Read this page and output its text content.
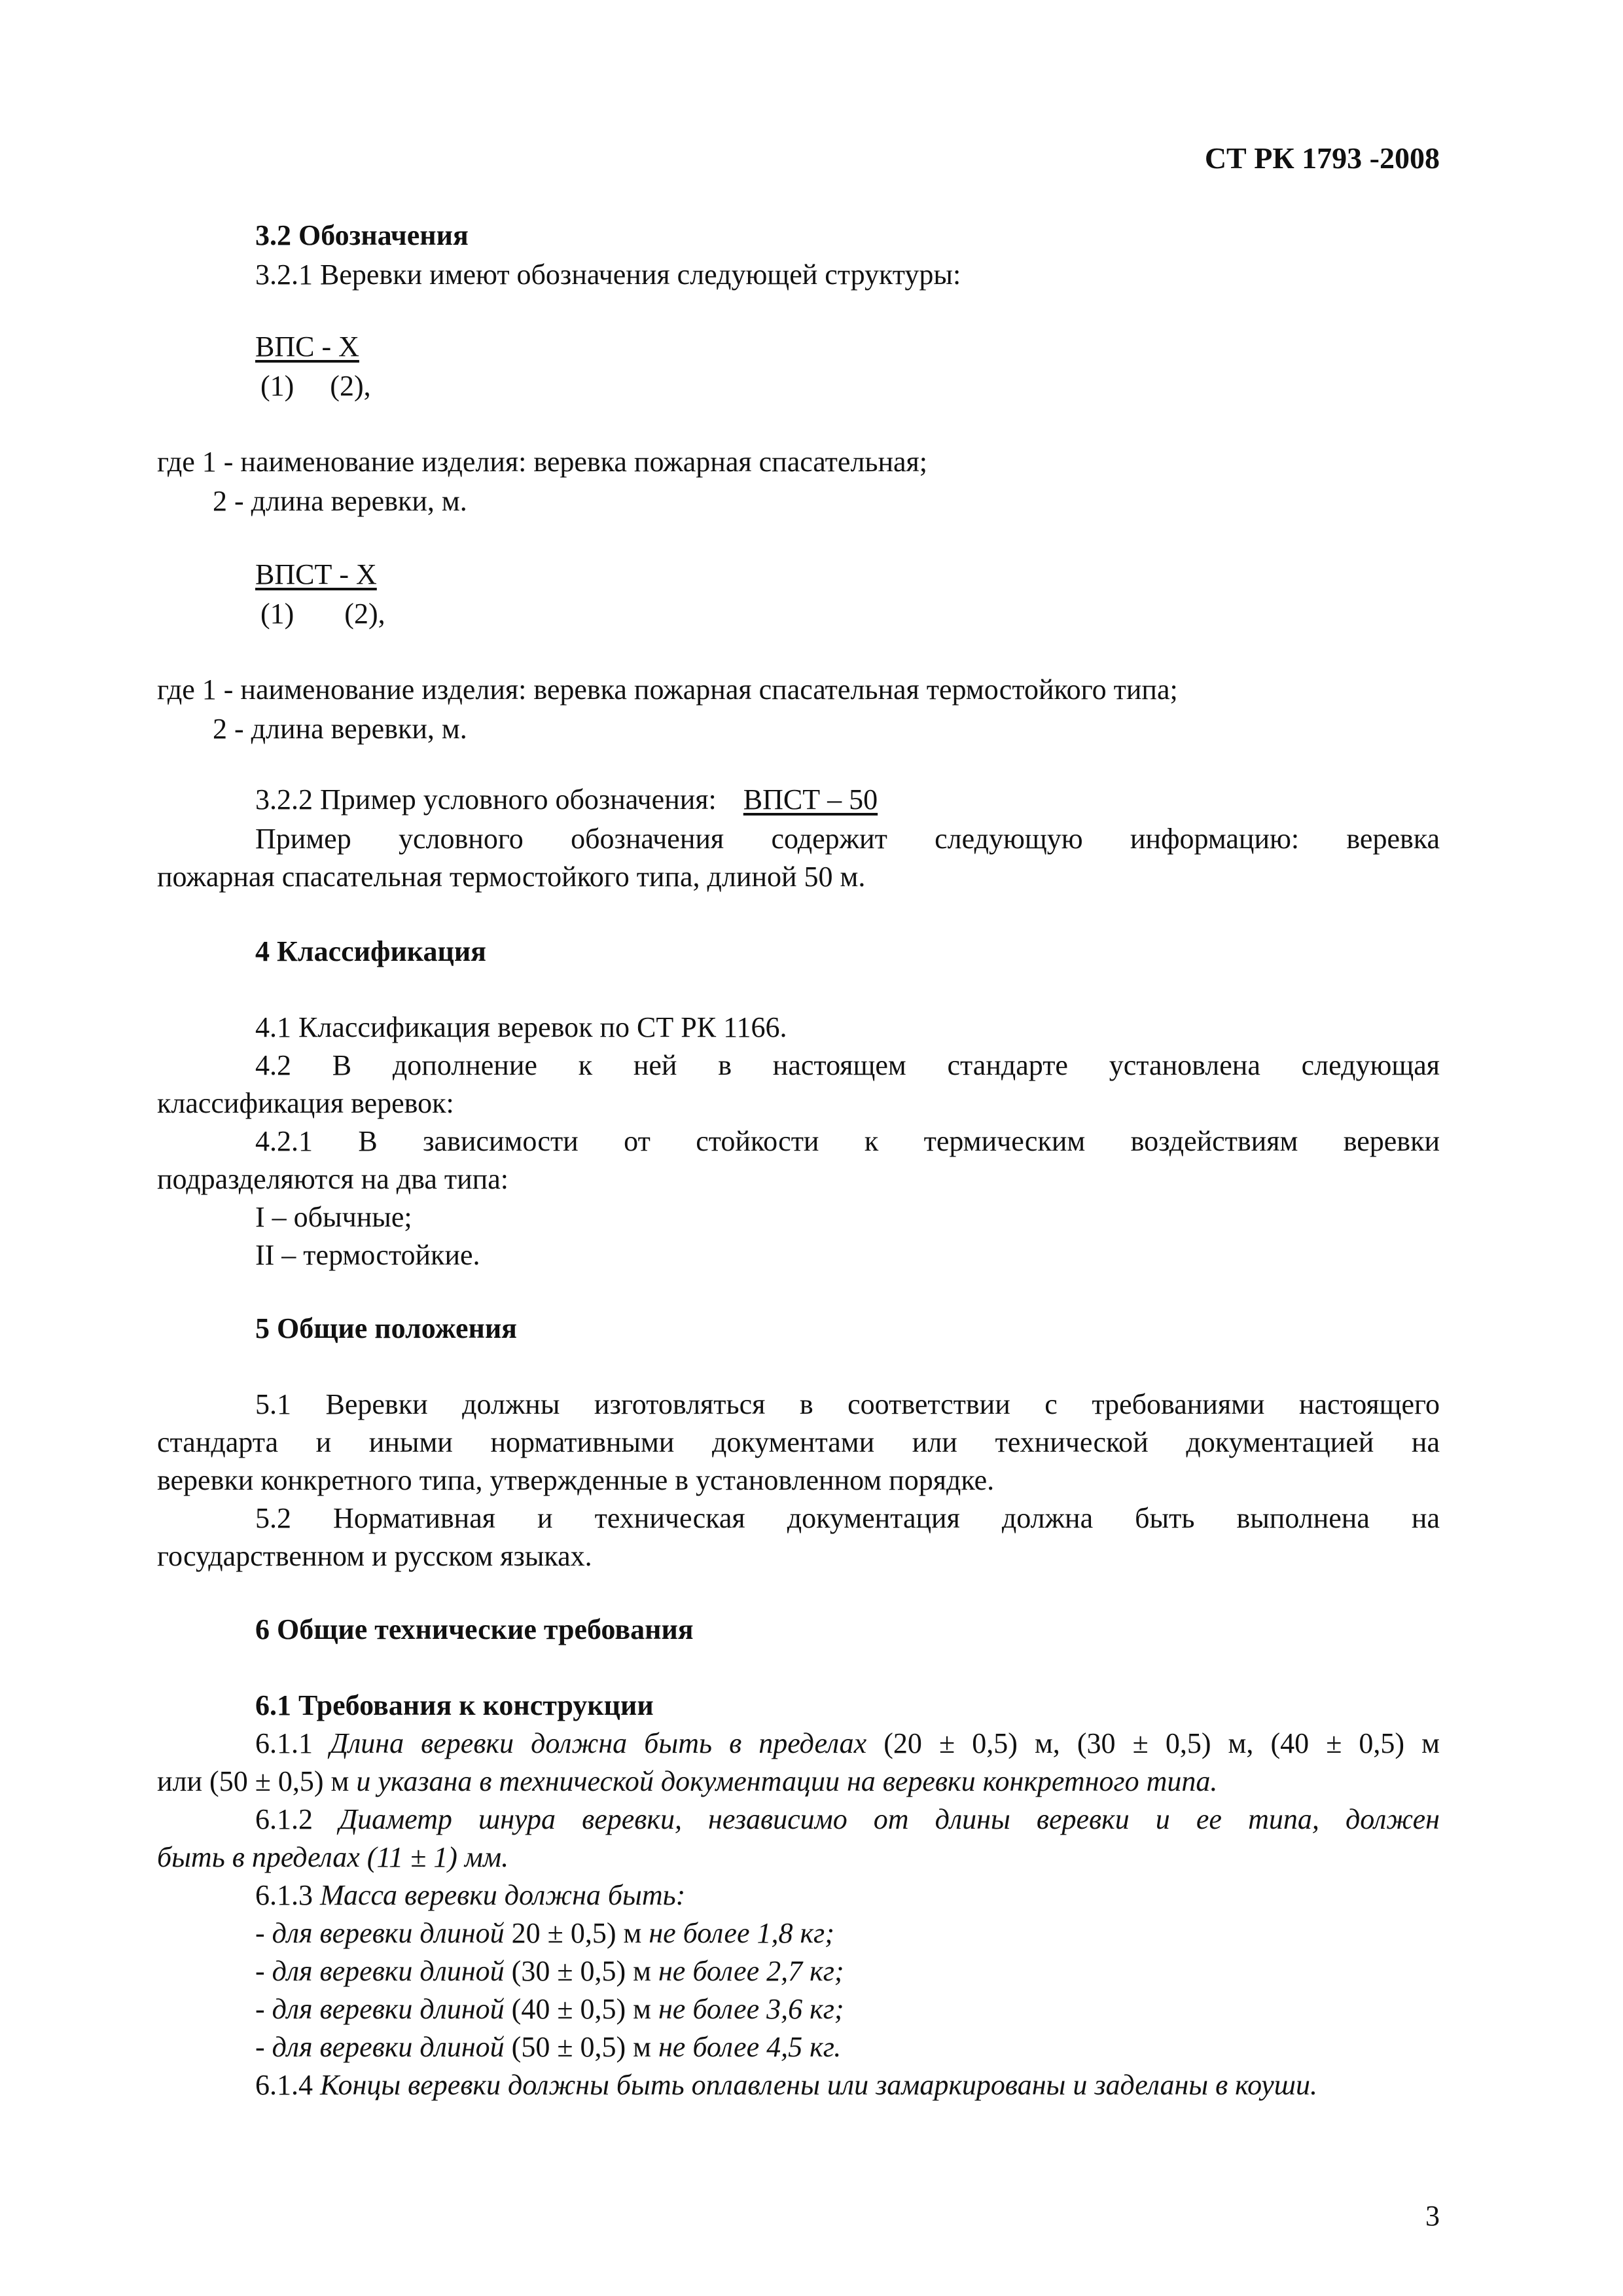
СТ РК 1793 -2008
3.2 Обозначения
3.2.1 Веревки имеют обозначения следующей структуры:
ВПС - Х
(1)     (2),
где 1 - наименование изделия: веревка пожарная спасательная;
2 - длина веревки, м.
ВПСТ - Х
(1)       (2),
где 1 - наименование изделия: веревка пожарная спасательная термостойкого типа;
2 - длина веревки, м.
3.2.2 Пример условного обозначения: ВПСТ – 50
Пример условного обозначения содержит следующую информацию: веревка
пожарная спасательная термостойкого типа, длиной 50 м.
4 Классификация
4.1 Классификация веревок по СТ РК 1166.
4.2 В дополнение к ней в настоящем стандарте установлена следующая
классификация веревок:
4.2.1 В зависимости от стойкости к термическим воздействиям веревки
подразделяются на два типа:
I – обычные;
II – термостойкие.
5 Общие положения
5.1 Веревки должны изготовляться в соответствии с требованиями настоящего
стандарта и иными нормативными документами или технической документацией на
веревки конкретного типа, утвержденные в установленном порядке.
5.2 Нормативная и техническая документация должна быть выполнена на
государственном и русском языках.
6 Общие технические требования
6.1 Требования к конструкции
6.1.1 Длина веревки должна быть в пределах (20 ± 0,5) м, (30 ± 0,5) м, (40 ± 0,5) м
или (50 ± 0,5) м и указана в технической документации на веревки конкретного типа.
6.1.2 Диаметр шнура веревки, независимо от длины веревки и ее типа, должен
быть в пределах (11 ± 1) мм.
6.1.3 Масса веревки должна быть:
- для веревки длиной 20 ± 0,5) м не более 1,8 кг;
- для веревки длиной (30 ± 0,5) м не более 2,7 кг;
- для веревки длиной (40 ± 0,5) м не более 3,6 кг;
- для веревки длиной (50 ± 0,5) м не более 4,5 кг.
6.1.4 Концы веревки должны быть оплавлены или замаркированы и заделаны в коуши.
3
